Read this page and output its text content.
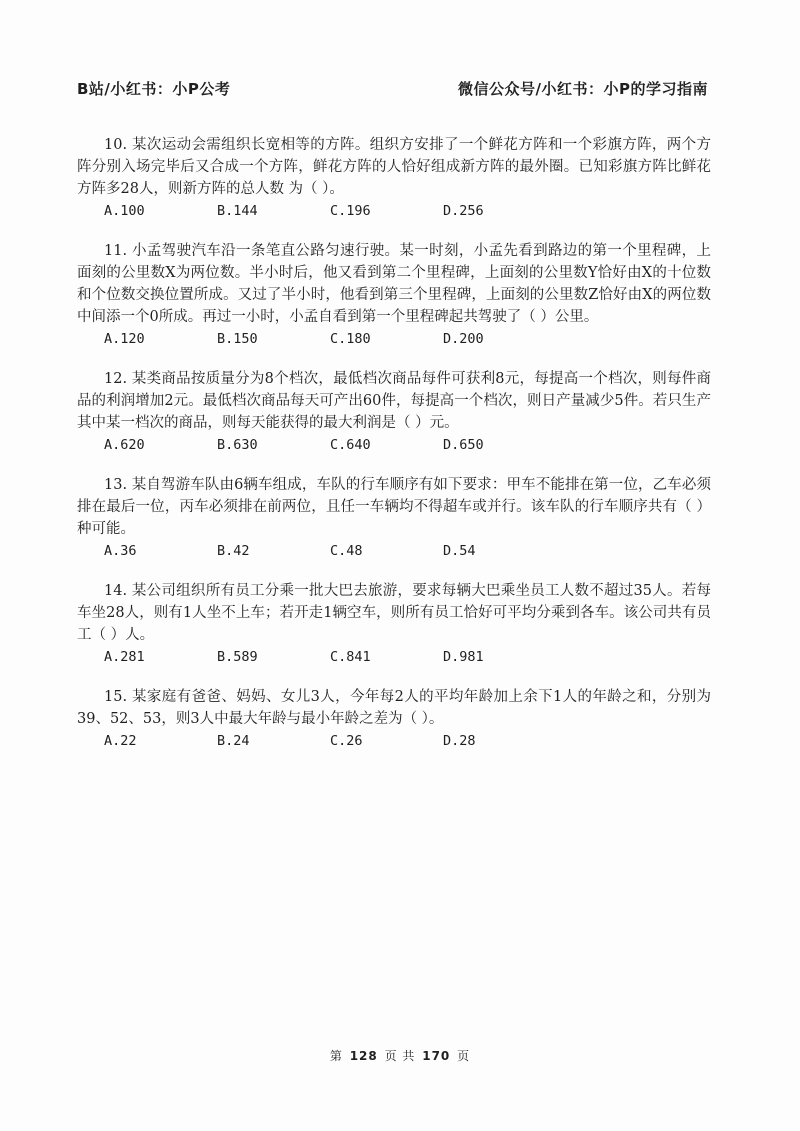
B站/小红书：小P公考	微信公众号/小红书：小P的学习指南

10. 某次运动会需组织长宽相等的方阵。组织方安排了一个鲜花方阵和一个彩旗方阵，两个方阵分别入场完毕后又合成一个方阵，鲜花方阵的人恰好组成新方阵的最外圈。已知彩旗方阵比鲜花方阵多28人，则新方阵的总人数 为（ ）。

A.100	B.144	C.196	D.256

11. 小孟驾驶汽车沿一条笔直公路匀速行驶。某一时刻，小孟先看到路边的第一个里程碑，上面刻的公里数X为两位数。半小时后，他又看到第二个里程碑，上面刻的公里数Y恰好由X的十位数和个位数交换位置所成。又过了半小时，他看到第三个里程碑，上面刻的公里数Z恰好由X的两位数中间添一个0所成。再过一小时，小孟自看到第一个里程碑起共驾驶了（ ）公里。

A.120	B.150	C.180	D.200

12. 某类商品按质量分为8个档次，最低档次商品每件可获利8元，每提高一个档次，则每件商品的利润增加2元。最低档次商品每天可产出60件，每提高一个档次，则日产量减少5件。若只生产其中某一档次的商品，则每天能获得的最大利润是（ ）元。

A.620	B.630	C.640	D.650

13. 某自驾游车队由6辆车组成，车队的行车顺序有如下要求：甲车不能排在第一位，乙车必须排在最后一位，丙车必须排在前两位，且任一车辆均不得超车或并行。该车队的行车顺序共有（ ）种可能。

A.36	B.42	C.48	D.54

14. 某公司组织所有员工分乘一批大巴去旅游，要求每辆大巴乘坐员工人数不超过35人。若每车坐28人，则有1人坐不上车；若开走1辆空车，则所有员工恰好可平均分乘到各车。该公司共有员工（ ）人。

A.281	B.589	C.841	D.981

15. 某家庭有爸爸、妈妈、女儿3人，今年每2人的平均年龄加上余下1人的年龄之和，分别为39、52、53，则3人中最大年龄与最小年龄之差为（ ）。

A.22	B.24	C.26	D.28
第 128 页 共 170 页
